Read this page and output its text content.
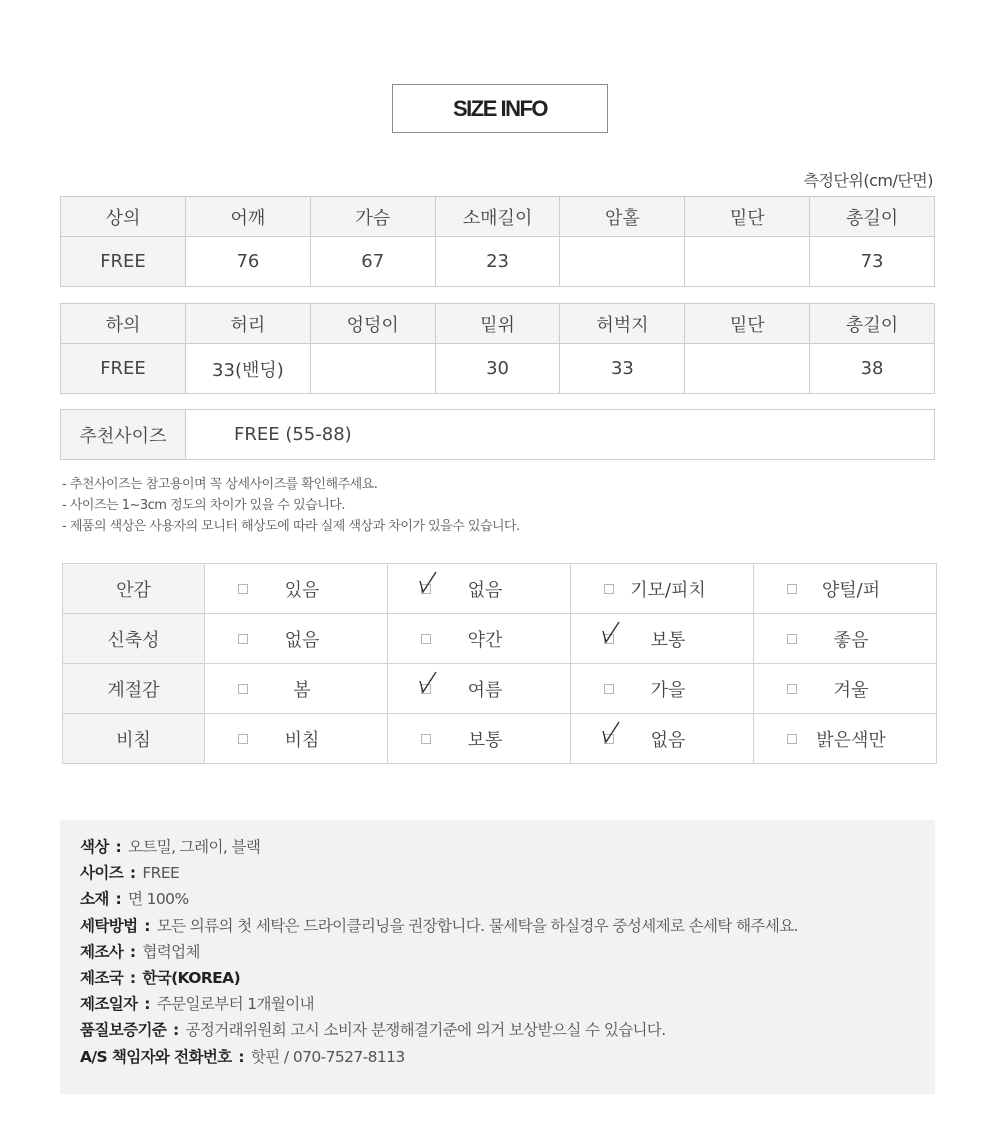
SIZE INFO
측정단위(cm/단면)
상의	어깨	가슴	소매길이	암홀	밑단	총길이
FREE	76	67	23			73
하의	허리	엉덩이	밑위	허벅지	밑단	총길이
FREE	33(밴딩)		30	33		38
추천사이즈	FREE (55-88)
- 추천사이즈는 참고용이며 꼭 상세사이즈를 확인해주세요.
- 사이즈는 1~3cm 정도의 차이가 있을 수 있습니다.
- 제품의 색상은 사용자의 모니터 해상도에 따라 실제 색상과 차이가 있을수 있습니다.
안감	있음	없음	기모/피치	양털/퍼

신축성	없음	약간	보통	좋음

계절감	봄	여름	가을	겨울

비침	비침	보통	없음	밝은색만
색상 : 오트밀, 그레이, 블랙
사이즈 : FREE
소재 : 면 100%
세탁방법 : 모든 의류의 첫 세탁은 드라이클리닝을 권장합니다. 물세탁을 하실경우 중성세제로 손세탁 해주세요.
제조사 : 협력업체
제조국 : 한국(KOREA)
제조일자 : 주문일로부터 1개월이내
품질보증기준 : 공정거래위원회 고시 소비자 분쟁해결기준에 의거 보상받으실 수 있습니다.
A/S 책임자와 전화번호 : 핫핀 / 070-7527-8113
